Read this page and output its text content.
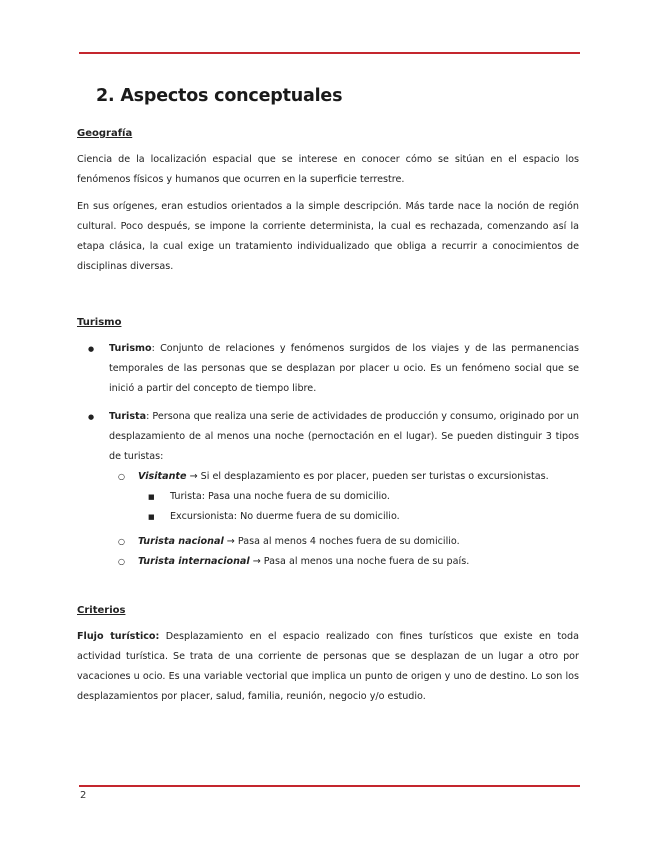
2. Aspectos conceptuales
Geografía

Ciencia de la localización espacial que se interese en conocer cómo se sitúan en el espacio los fenómenos físicos y humanos que ocurren en la superficie terrestre.

En sus orígenes, eran estudios orientados a la simple descripción. Más tarde nace la noción de región cultural. Poco después, se impone la corriente determinista, la cual es rechazada, comenzando así la etapa clásica, la cual exige un tratamiento individualizado que obliga a recurrir a conocimientos de disciplinas diversas.

Turismo
● Turismo: Conjunto de relaciones y fenómenos surgidos de los viajes y de las permanencias temporales de las personas que se desplazan por placer u ocio. Es un fenómeno social que se inició a partir del concepto de tiempo libre.
● Turista: Persona que realiza una serie de actividades de producción y consumo, originado por un desplazamiento de al menos una noche (pernoctación en el lugar). Se pueden distinguir 3 tipos de turistas:
○ Visitante → Si el desplazamiento es por placer, pueden ser turistas o excursionistas.
■ Turista: Pasa una noche fuera de su domicilio.
■ Excursionista: No duerme fuera de su domicilio.
○ Turista nacional → Pasa al menos 4 noches fuera de su domicilio.
○ Turista internacional → Pasa al menos una noche fuera de su país.
Criterios

Flujo turístico: Desplazamiento en el espacio realizado con fines turísticos que existe en toda actividad turística. Se trata de una corriente de personas que se desplazan de un lugar a otro por vacaciones u ocio. Es una variable vectorial que implica un punto de origen y uno de destino. Lo son los desplazamientos por placer, salud, familia, reunión, negocio y/o estudio.

2
